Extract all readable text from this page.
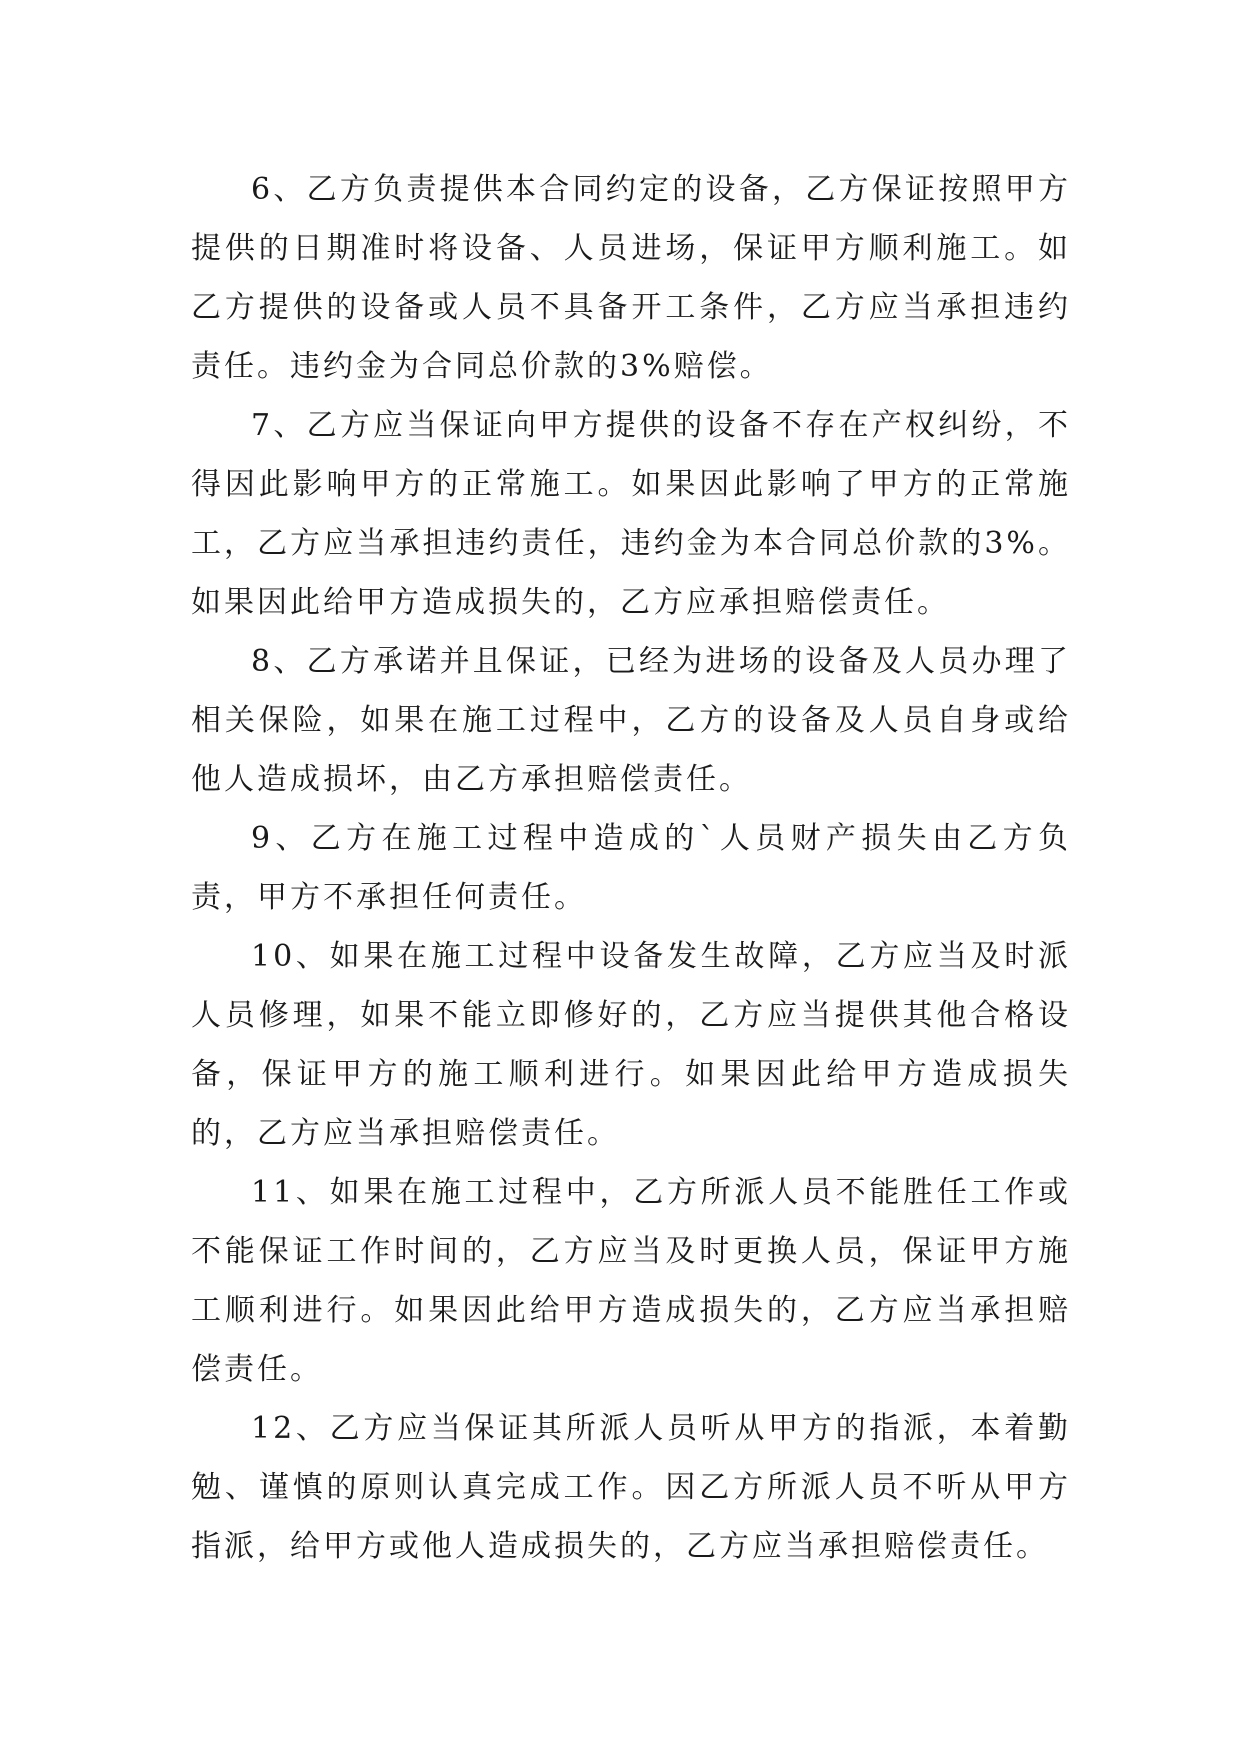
6、乙方负责提供本合同约定的设备，乙方保证按照甲方提供的日期准时将设备、人员进场，保证甲方顺利施工。如乙方提供的设备或人员不具备开工条件，乙方应当承担违约责任。违约金为合同总价款的3%赔偿。

7、乙方应当保证向甲方提供的设备不存在产权纠纷，不得因此影响甲方的正常施工。如果因此影响了甲方的正常施工，乙方应当承担违约责任，违约金为本合同总价款的3%。如果因此给甲方造成损失的，乙方应承担赔偿责任。

8、乙方承诺并且保证，已经为进场的设备及人员办理了相关保险，如果在施工过程中，乙方的设备及人员自身或给他人造成损坏，由乙方承担赔偿责任。

9、乙方在施工过程中造成的`人员财产损失由乙方负责，甲方不承担任何责任。

10、如果在施工过程中设备发生故障，乙方应当及时派人员修理，如果不能立即修好的，乙方应当提供其他合格设备，保证甲方的施工顺利进行。如果因此给甲方造成损失的，乙方应当承担赔偿责任。

11、如果在施工过程中，乙方所派人员不能胜任工作或不能保证工作时间的，乙方应当及时更换人员，保证甲方施工顺利进行。如果因此给甲方造成损失的，乙方应当承担赔偿责任。

12、乙方应当保证其所派人员听从甲方的指派，本着勤勉、谨慎的原则认真完成工作。因乙方所派人员不听从甲方指派，给甲方或他人造成损失的，乙方应当承担赔偿责任。
